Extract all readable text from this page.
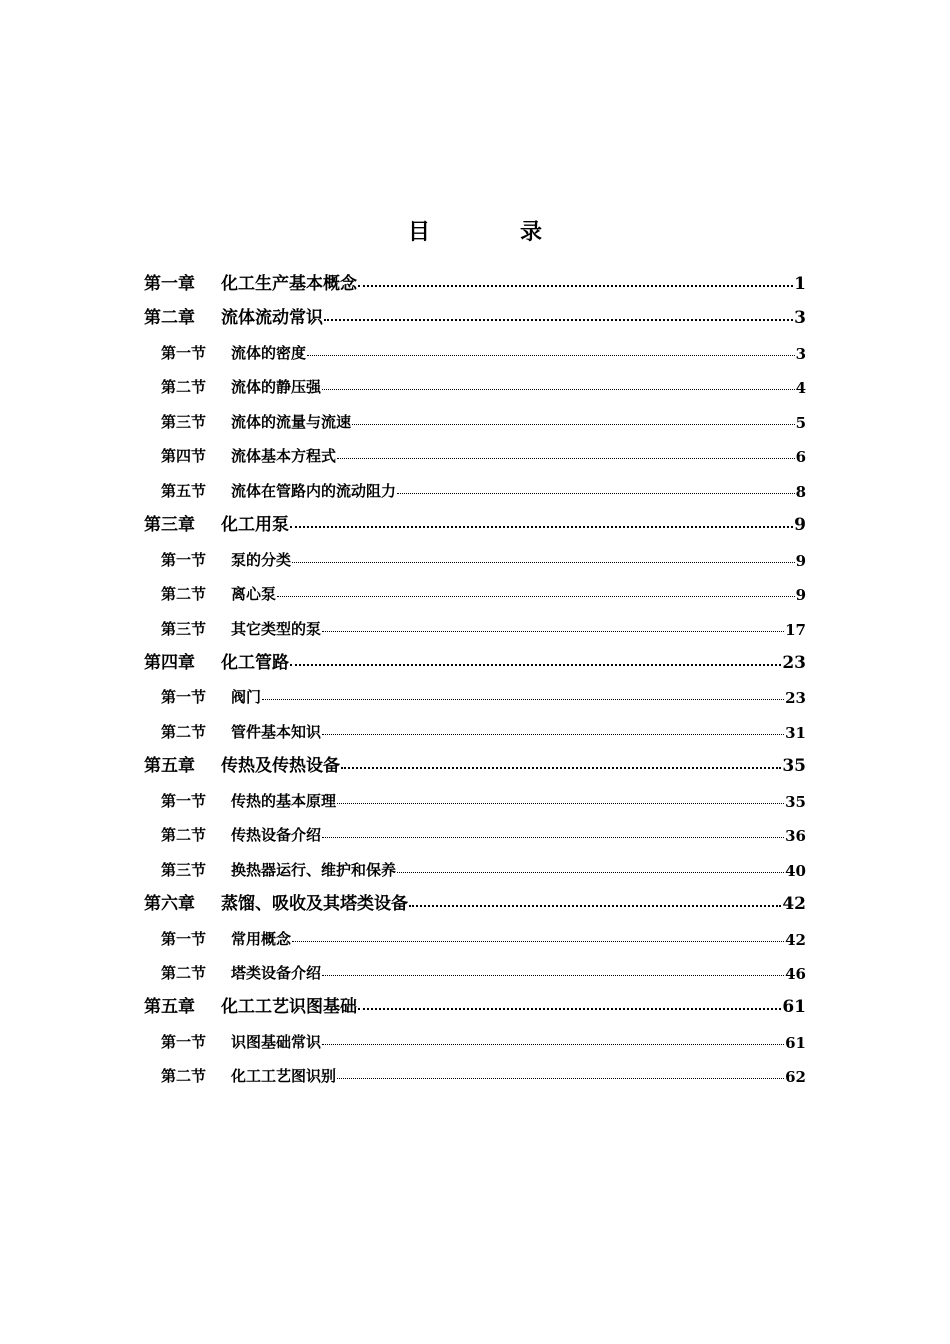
目	录
第一章	化工生产基本概念	1
第二章	流体流动常识	3
第一节	流体的密度	3
第二节	流体的静压强	4
第三节	流体的流量与流速	5
第四节	流体基本方程式	6
第五节	流体在管路内的流动阻力	8
第三章	化工用泵	9
第一节	泵的分类	9
第二节	离心泵	9
第三节	其它类型的泵	17
第四章	化工管路	23
第一节	阀门	23
第二节	管件基本知识	31
第五章	传热及传热设备	35
第一节	传热的基本原理	35
第二节	传热设备介绍	36
第三节	换热器运行、维护和保养	40
第六章	蒸馏、吸收及其塔类设备	42
第一节	常用概念	42
第二节	塔类设备介绍	46
第五章	化工工艺识图基础	61
第一节	识图基础常识	61
第二节	化工工艺图识别	62
